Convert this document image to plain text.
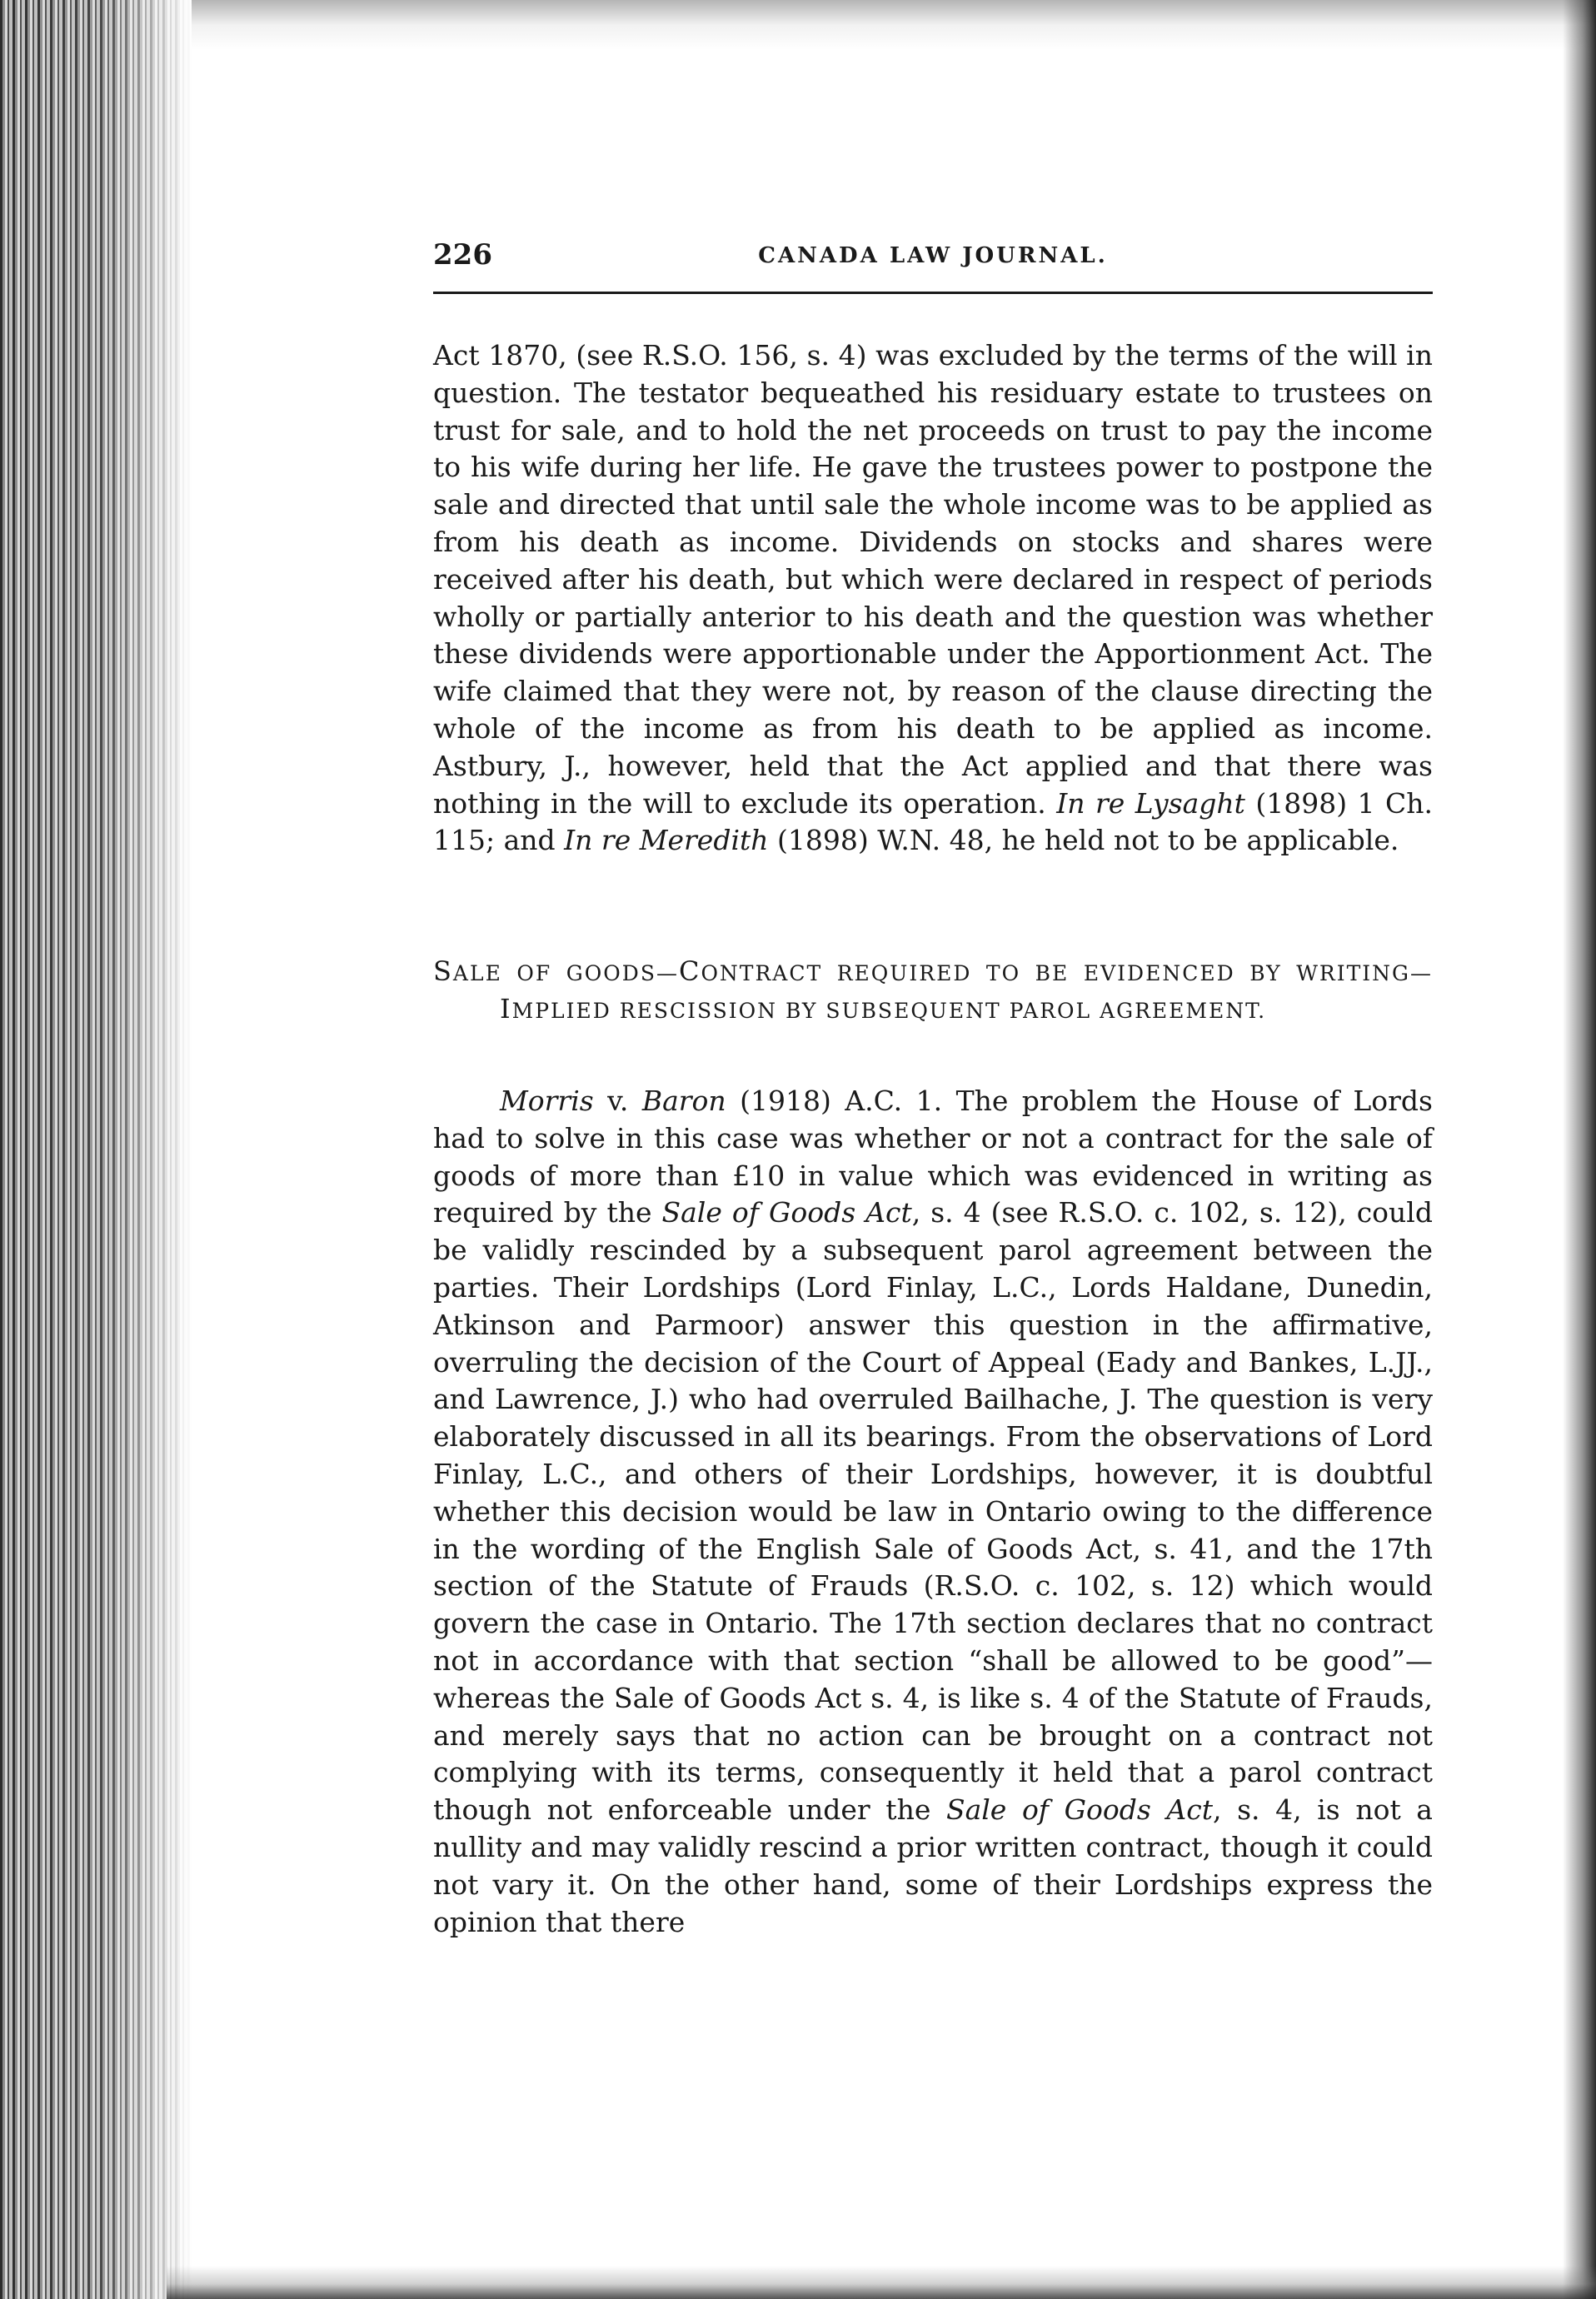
226	CANADA LAW JOURNAL.

Act 1870, (see R.S.O. 156, s. 4) was excluded by the terms of the will in question. The testator bequeathed his residuary estate to trustees on trust for sale, and to hold the net proceeds on trust to pay the income to his wife during her life. He gave the trustees power to postpone the sale and directed that until sale the whole income was to be applied as from his death as income. Dividends on stocks and shares were received after his death, but which were declared in respect of periods wholly or partially anterior to his death and the question was whether these dividends were apportionable under the Apportionment Act. The wife claimed that they were not, by reason of the clause directing the whole of the income as from his death to be applied as income. Astbury, J., however, held that the Act applied and that there was nothing in the will to exclude its operation. In re Lysaght (1898) 1 Ch. 115; and In re Meredith (1898) W.N. 48, he held not to be applicable.

SALE OF GOODS—CONTRACT REQUIRED TO BE EVIDENCED BY WRITING—IMPLIED RESCISSION BY SUBSEQUENT PAROL AGREEMENT.

Morris v. Baron (1918) A.C. 1. The problem the House of Lords had to solve in this case was whether or not a contract for the sale of goods of more than £10 in value which was evidenced in writing as required by the Sale of Goods Act, s. 4 (see R.S.O. c. 102, s. 12), could be validly rescinded by a subsequent parol agreement between the parties. Their Lordships (Lord Finlay, L.C., Lords Haldane, Dunedin, Atkinson and Parmoor) answer this question in the affirmative, overruling the decision of the Court of Appeal (Eady and Bankes, L.JJ., and Lawrence, J.) who had overruled Bailhache, J. The question is very elaborately discussed in all its bearings. From the observations of Lord Finlay, L.C., and others of their Lordships, however, it is doubtful whether this decision would be law in Ontario owing to the difference in the wording of the English Sale of Goods Act, s. 41, and the 17th section of the Statute of Frauds (R.S.O. c. 102, s. 12) which would govern the case in Ontario. The 17th section declares that no contract not in accordance with that section “shall be allowed to be good”—whereas the Sale of Goods Act s. 4, is like s. 4 of the Statute of Frauds, and merely says that no action can be brought on a contract not complying with its terms, consequently it held that a parol contract though not enforceable under the Sale of Goods Act, s. 4, is not a nullity and may validly rescind a prior written contract, though it could not vary it. On the other hand, some of their Lordships express the opinion that there
